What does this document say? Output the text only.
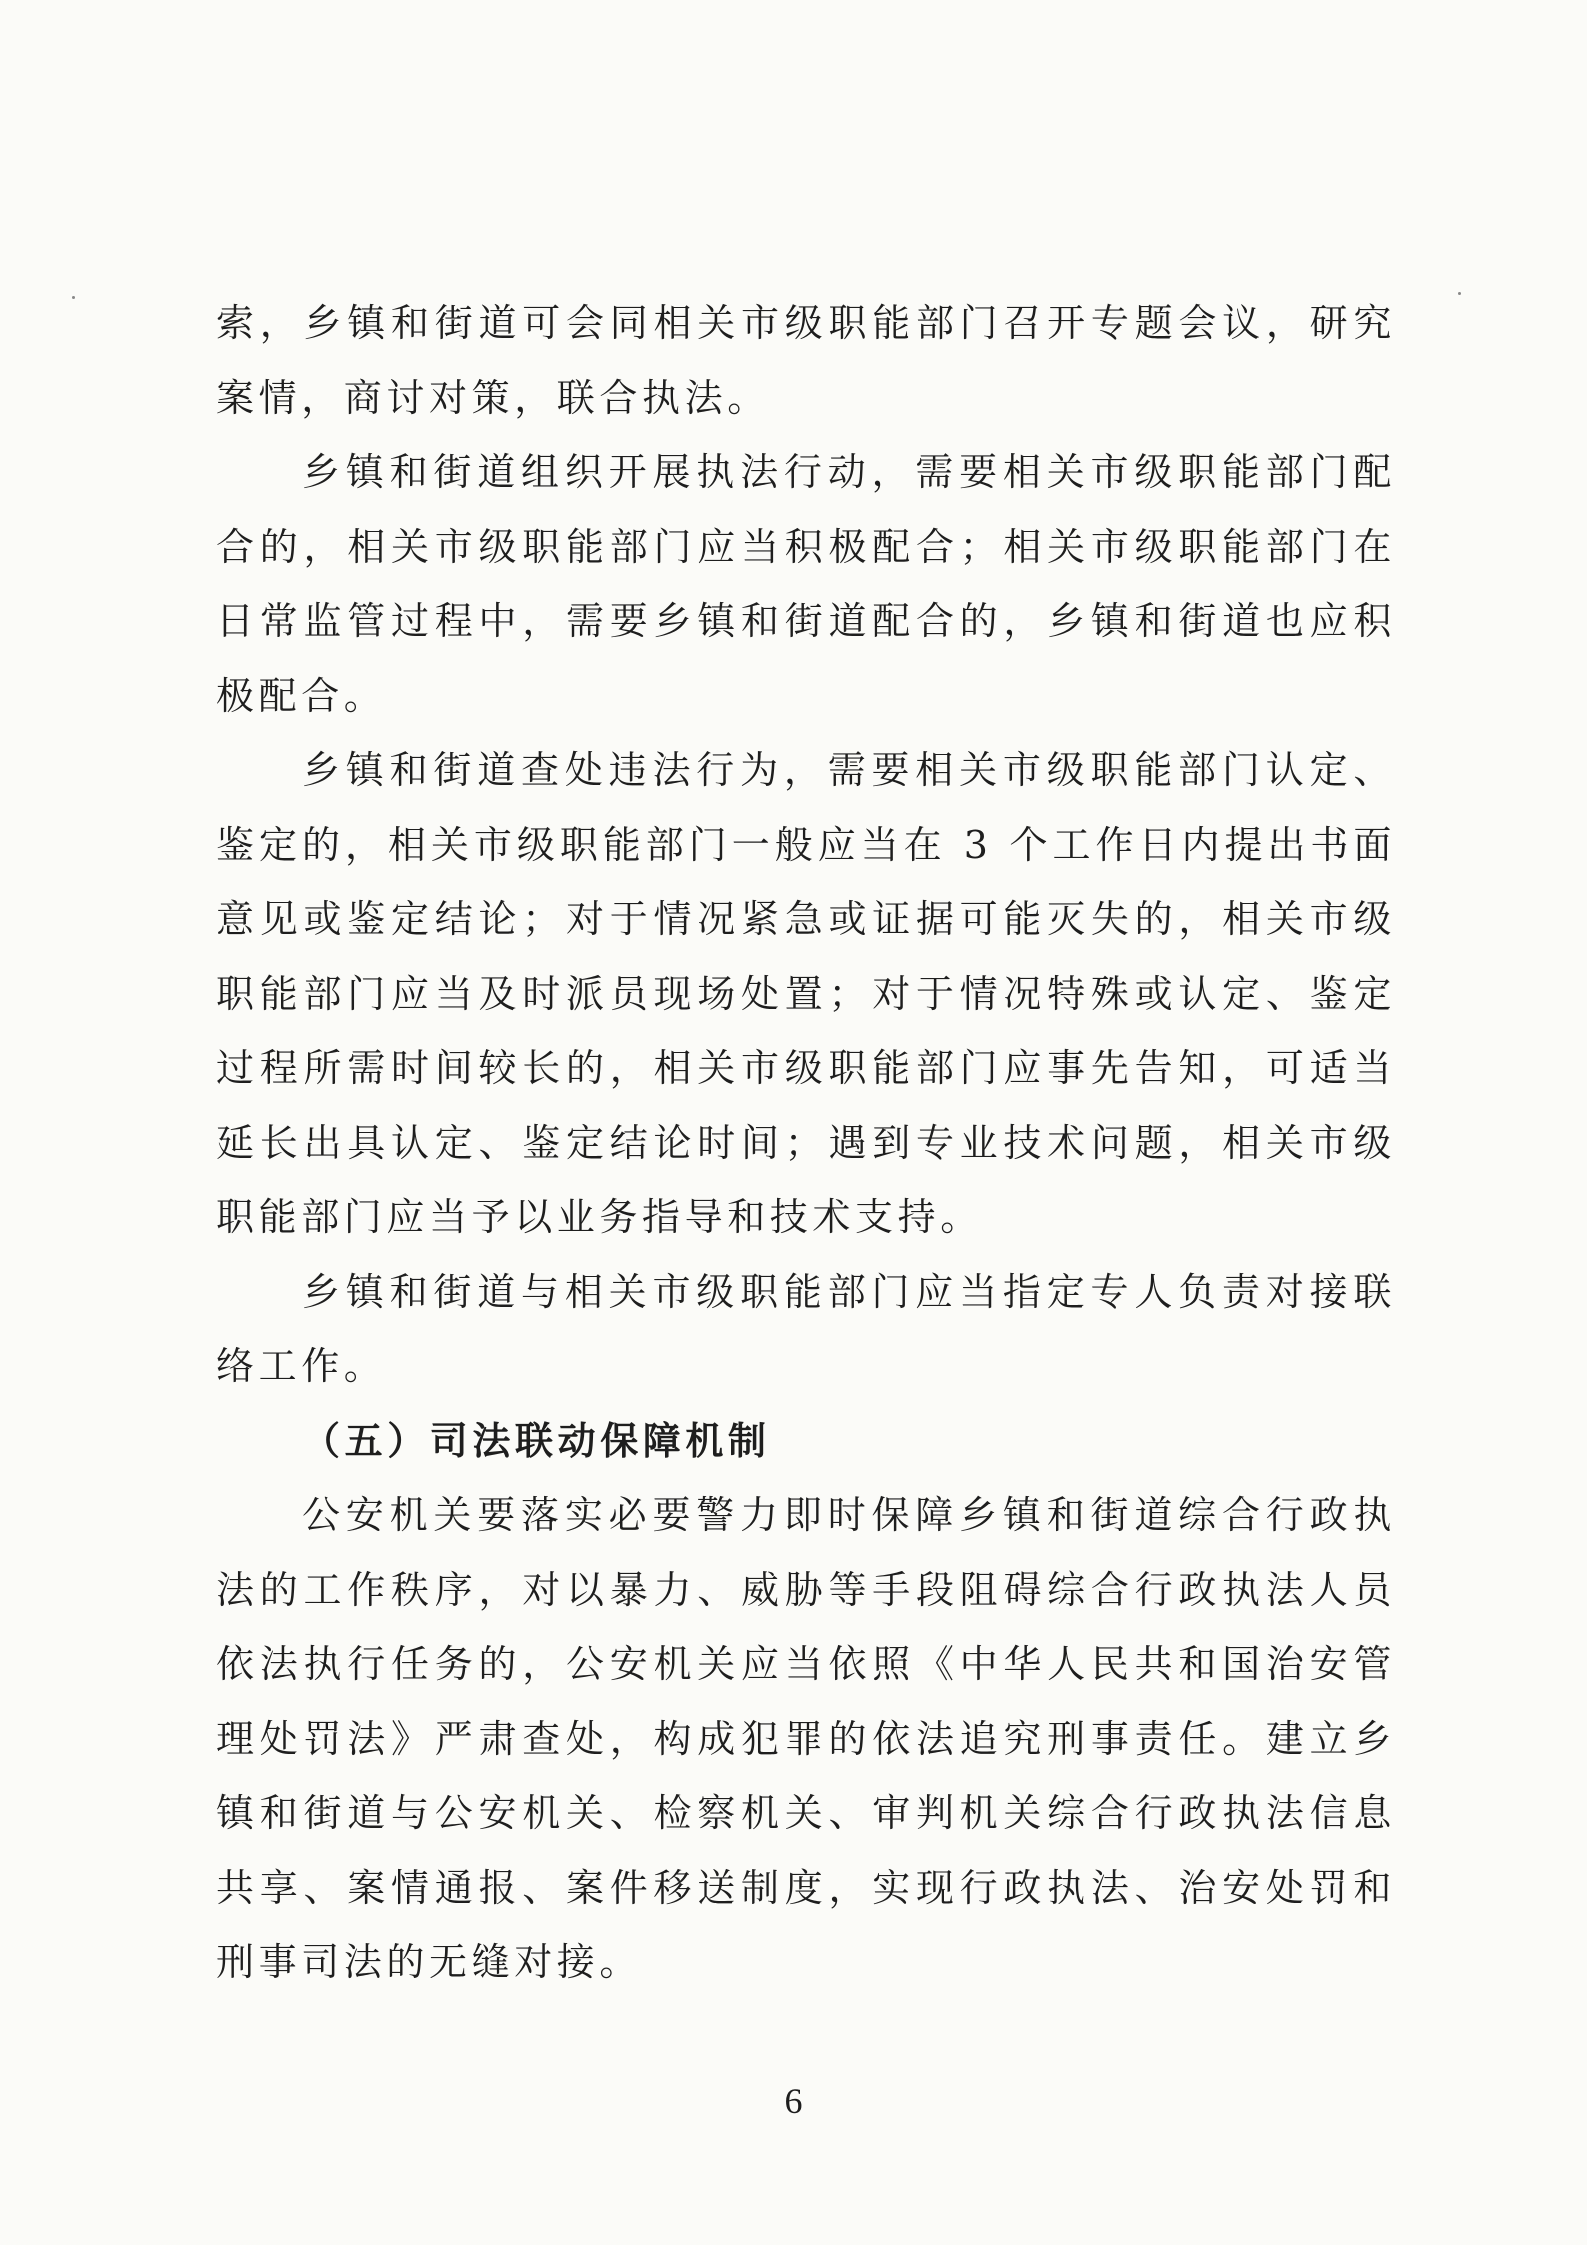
索，乡镇和街道可会同相关市级职能部门召开专题会议，研究案情，商讨对策，联合执法。

乡镇和街道组织开展执法行动，需要相关市级职能部门配合的，相关市级职能部门应当积极配合；相关市级职能部门在日常监管过程中，需要乡镇和街道配合的，乡镇和街道也应积极配合。

乡镇和街道查处违法行为，需要相关市级职能部门认定、鉴定的，相关市级职能部门一般应当在 3 个工作日内提出书面意见或鉴定结论；对于情况紧急或证据可能灭失的，相关市级职能部门应当及时派员现场处置；对于情况特殊或认定、鉴定过程所需时间较长的，相关市级职能部门应事先告知，可适当延长出具认定、鉴定结论时间；遇到专业技术问题，相关市级职能部门应当予以业务指导和技术支持。

乡镇和街道与相关市级职能部门应当指定专人负责对接联络工作。

（五）司法联动保障机制

公安机关要落实必要警力即时保障乡镇和街道综合行政执法的工作秩序，对以暴力、威胁等手段阻碍综合行政执法人员依法执行任务的，公安机关应当依照《中华人民共和国治安管理处罚法》严肃查处，构成犯罪的依法追究刑事责任。建立乡镇和街道与公安机关、检察机关、审判机关综合行政执法信息共享、案情通报、案件移送制度，实现行政执法、治安处罚和刑事司法的无缝对接。

6
